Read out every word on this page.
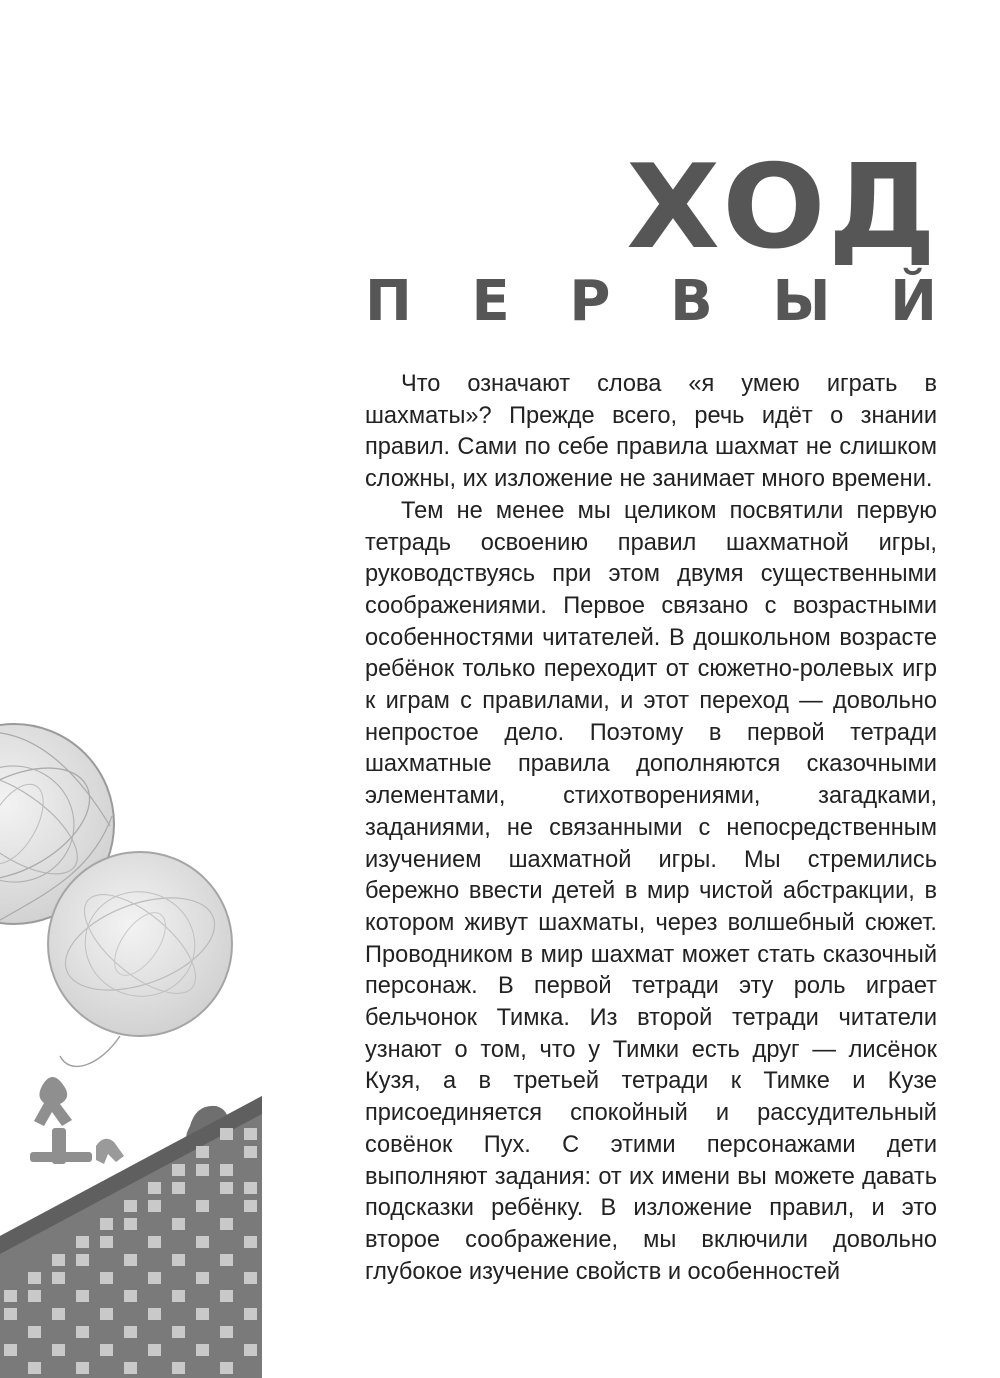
ХОД
П Е Р В Ы Й

Что означают слова «я умею играть в шахматы»? Прежде всего, речь идёт о знании правил. Сами по себе правила шахмат не слишком сложны, их изложение не занимает много времени.

Тем не менее мы целиком посвятили первую тетрадь освоению правил шахматной игры, руководствуясь при этом двумя существенными соображениями. Первое связано с возрастными особенностями читателей. В дошкольном возрасте ребёнок только переходит от сюжетно-ролевых игр к играм с правилами, и этот переход — довольно непростое дело. Поэтому в первой тетради шахматные правила дополняются сказочными элементами, стихотворениями, загадками, заданиями, не связанными с непосредственным изучением шахматной игры. Мы стремились бережно ввести детей в мир чистой абстракции, в котором живут шахматы, через волшебный сюжет. Проводником в мир шахмат может стать сказочный персонаж. В первой тетради эту роль играет бельчонок Тимка. Из второй тетради читатели узнают о том, что у Тимки есть друг — лисёнок Кузя, а в третьей тетради к Тимке и Кузе присоединяется спокойный и рассудительный совёнок Пух. С этими персонажами дети выполняют задания: от их имени вы можете давать подсказки ребёнку. В изложение правил, и это второе соображение, мы включили довольно глубокое изучение свойств и особенностей
